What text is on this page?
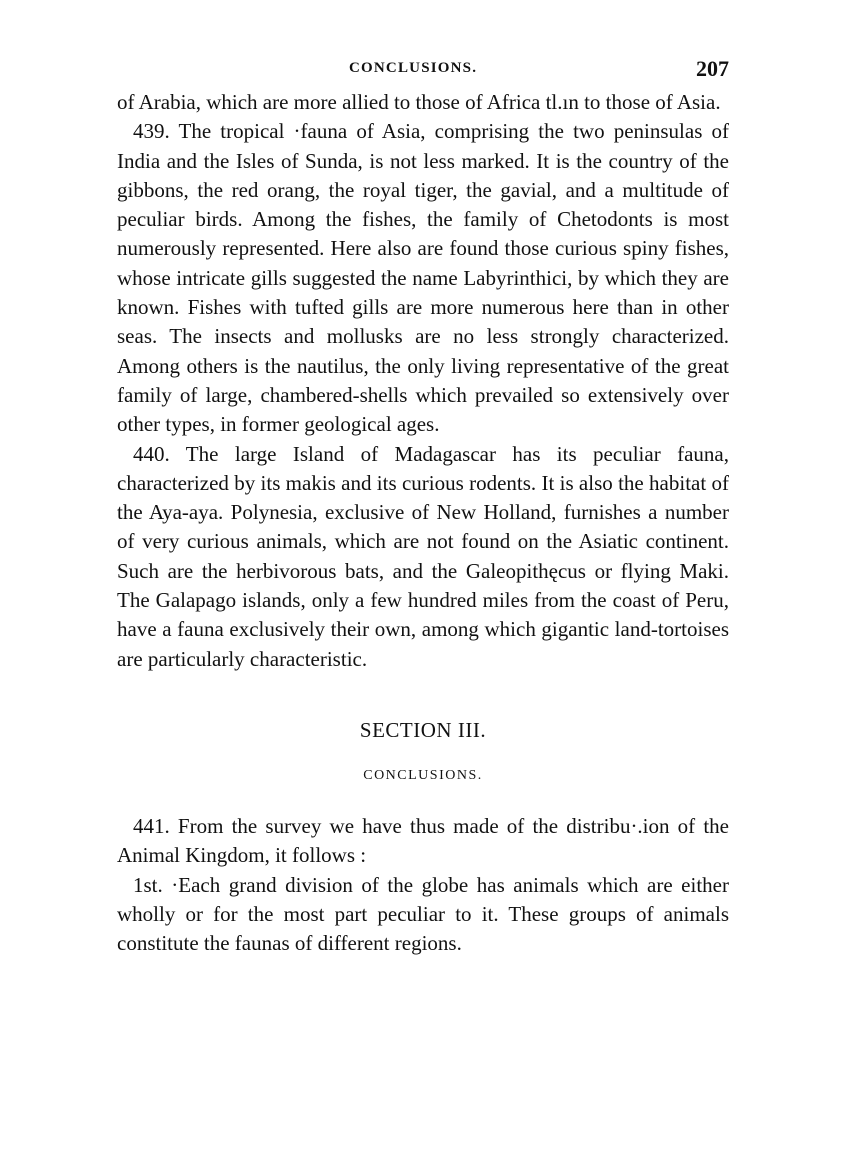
CONCLUSIONS.	207

of Arabia, which are more allied to those of Africa tl.ın to those of Asia.

439. The tropical ·fauna of Asia, comprising the two peninsulas of India and the Isles of Sunda, is not less marked. It is the country of the gibbons, the red orang, the royal tiger, the gavial, and a multitude of peculiar birds. Among the fishes, the family of Chetodonts is most numerously represented. Here also are found those curious spiny fishes, whose intricate gills suggested the name Labyrinthici, by which they are known. Fishes with tufted gills are more numerous here than in other seas. The insects and mollusks are no less strongly characterized. Among others is the nautilus, the only living representative of the great family of large, chambered-shells which prevailed so extensively over other types, in former geological ages.

440. The large Island of Madagascar has its peculiar fauna, characterized by its makis and its curious rodents. It is also the habitat of the Aya-aya. Polynesia, exclusive of New Holland, furnishes a number of very curious animals, which are not found on the Asiatic continent. Such are the herbivorous bats, and the Galeopithęcus or flying Maki. The Galapago islands, only a few hundred miles from the coast of Peru, have a fauna exclusively their own, among which gigantic land-tortoises are particularly characteristic.

SECTION III.
CONCLUSIONS.

441. From the survey we have thus made of the distribu·.ion of the Animal Kingdom, it follows :

1st. ·Each grand division of the globe has animals which are either wholly or for the most part peculiar to it. These groups of animals constitute the faunas of different regions.
